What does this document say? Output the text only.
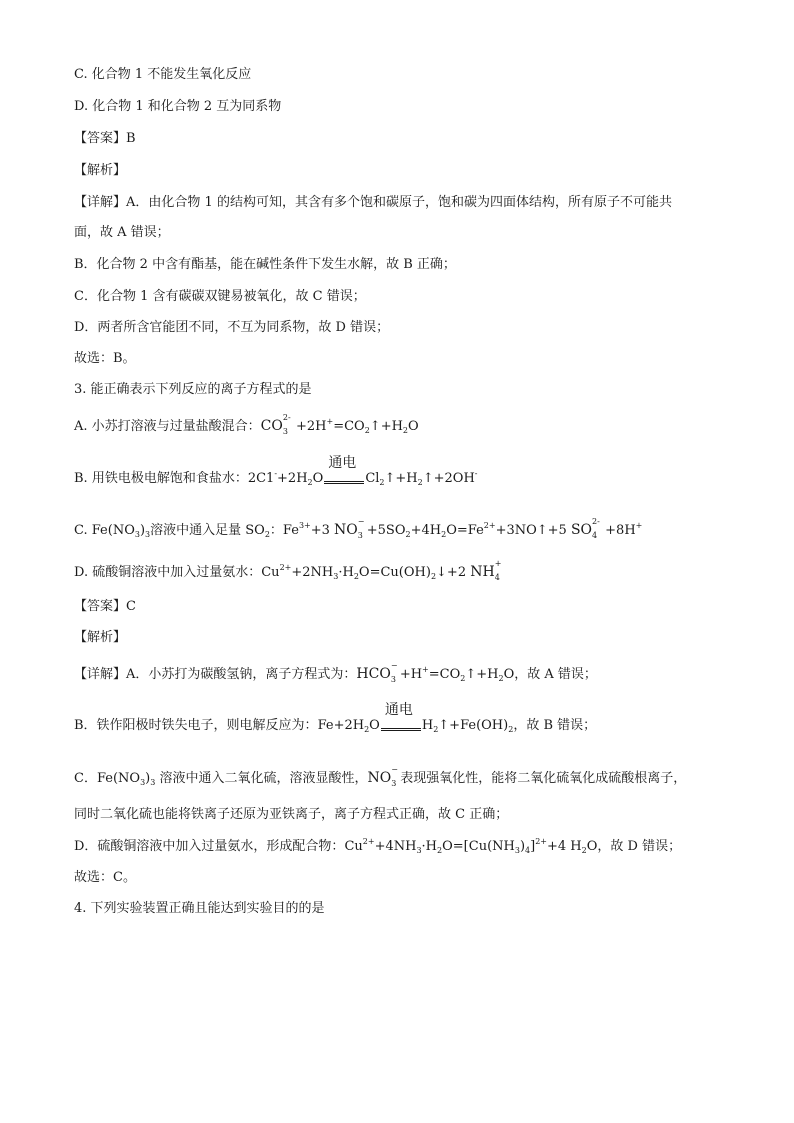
C. 化合物 1 不能发生氧化反应
D. 化合物 1 和化合物 2 互为同系物
【答案】B
【解析】
【详解】A．由化合物 1 的结构可知，其含有多个饱和碳原子，饱和碳为四面体结构，所有原子不可能共
面，故 A 错误；
B．化合物 2 中含有酯基，能在碱性条件下发生水解，故 B 正确；
C．化合物 1 含有碳碳双键易被氧化，故 C 错误；
D．两者所含官能团不同，不互为同系物，故 D 错误；
故选：B。
3. 能正确表示下列反应的离子方程式的是
A. 小苏打溶液与过量盐酸混合：CO
2-
$3 +2H^+=CO_2↑+H_2O$
B. 用铁电极电解饱和食盐水：$2C1^-+2H_2O$
通电
$Cl_2↑+H_2↑+2OH^-$
C. $Fe(NO_3)_3$溶液中通入足量 $SO_2$：$Fe^{3+}+3$ NO
−
$3 +5SO_2+4H_2O=Fe^{2+}+3NO↑+5$ SO
2-
4 +8H+
D. 硫酸铜溶液中加入过量氨水：$Cu^{2+}+2NH_3\cdot H_2O=Cu(OH)_2↓+2$ NH
+
4
【答案】C
【解析】
【详解】A．小苏打为碳酸氢钠，离子方程式为：HCO
−
$3 +H^+=CO_2↑+H_2O$，故 A 错误；
B．铁作阳极时铁失电子，则电解反应为：$Fe+2H_2O$
通电
$H_2↑+Fe(OH)_2$，故 B 错误；
C．$Fe(NO_3)_3$ 溶液中通入二氧化硫，溶液显酸性，NO
−
3 表现强氧化性，能将二氧化硫氧化成硫酸根离子，
同时二氧化硫也能将铁离子还原为亚铁离子，离子方程式正确，故 C 正确；
D．硫酸铜溶液中加入过量氨水，形成配合物：$Cu^{2+}+4NH_3\cdot H_2O=[Cu(NH_3)_4]^{2+}+4$ $H_2O$，故 D 错误；
故选：C。
4. 下列实验装置正确且能达到实验目的的是
